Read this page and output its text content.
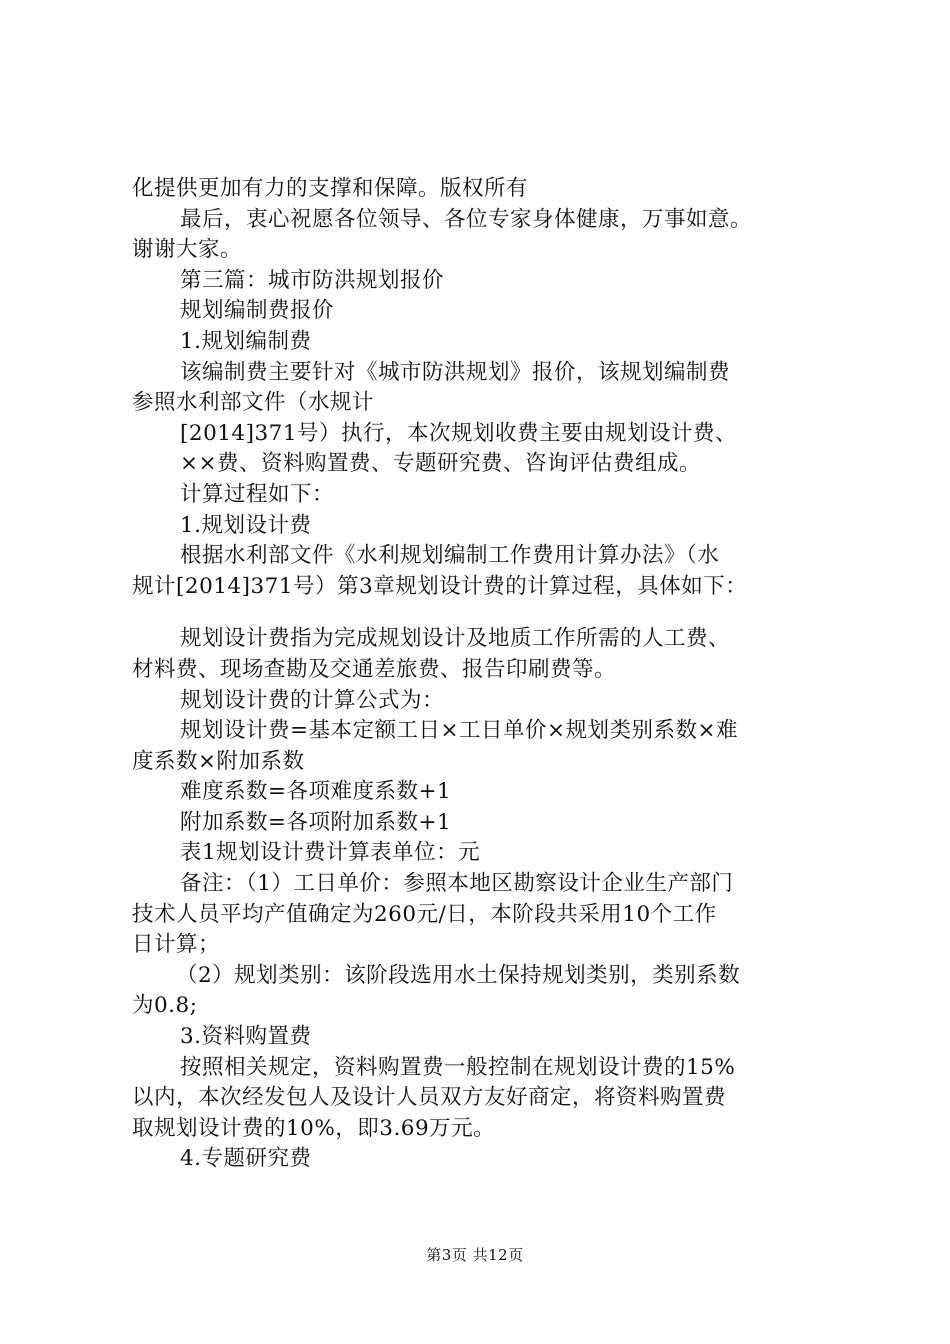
化提供更加有力的支撑和保障。版权所有
最后，衷心祝愿各位领导、各位专家身体健康，万事如意。
谢谢大家。
第三篇：城市防洪规划报价
规划编制费报价
1.规划编制费
该编制费主要针对《城市防洪规划》报价，该规划编制费
参照水利部文件（水规计
[2014]371号）执行，本次规划收费主要由规划设计费、
××费、资料购置费、专题研究费、咨询评估费组成。
计算过程如下：
1.规划设计费
根据水利部文件《水利规划编制工作费用计算办法》（水
规计[2014]371号）第3章规划设计费的计算过程，具体如下：
规划设计费指为完成规划设计及地质工作所需的人工费、
材料费、现场查勘及交通差旅费、报告印刷费等。
规划设计费的计算公式为：
规划设计费=基本定额工日×工日单价×规划类别系数×难
度系数×附加系数
难度系数=各项难度系数+1
附加系数=各项附加系数+1
表1规划设计费计算表单位：元
备注：（1）工日单价：参照本地区勘察设计企业生产部门
技术人员平均产值确定为260元/日，本阶段共采用10个工作
日计算；
（2）规划类别：该阶段选用水土保持规划类别，类别系数
为0.8;
3.资料购置费
按照相关规定，资料购置费一般控制在规划设计费的15%
以内，本次经发包人及设计人员双方友好商定，将资料购置费
取规划设计费的10%，即3.69万元。
4.专题研究费
第3页 共12页
